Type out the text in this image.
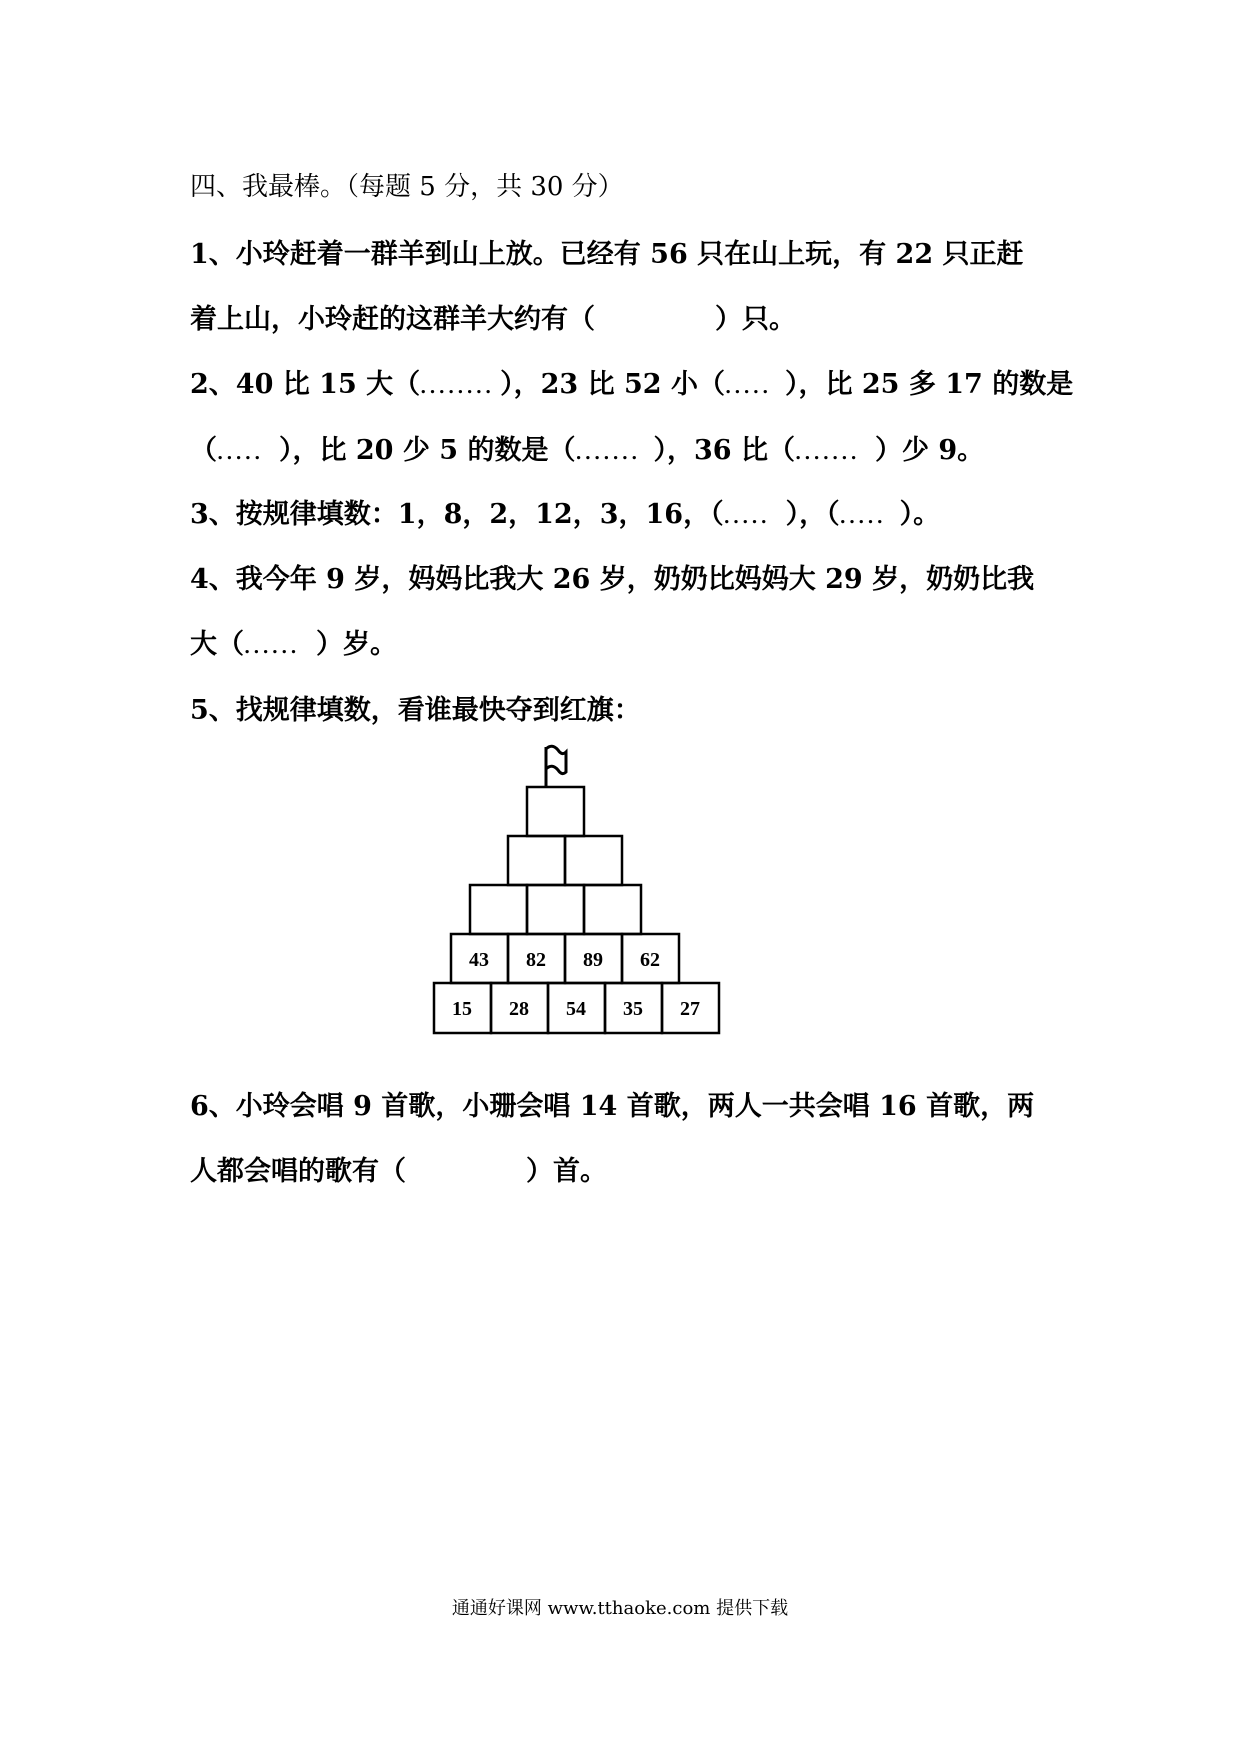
四、我最棒。（每题 5 分，共 30 分）
1、小玲赶着一群羊到山上放。已经有 56 只在山上玩，有 22 只正赶
着上山，小玲赶的这群羊大约有（	）只。
2、40 比 15 大（........ ），23 比 52 小（..... ），比 25 多 17 的数是
（..... ），比 20 少 5 的数是（....... ），36 比（....... ）少 9。
3、按规律填数：1，8，2，12，3，16，（..... ），（..... ）。
4、我今年 9 岁，妈妈比我大 26 岁，奶奶比妈妈大 29 岁，奶奶比我
大（...... ）岁。
5、找规律填数，看谁最快夺到红旗：
43 82 89 62
15 28 54 35 27
6、小玲会唱 9 首歌，小珊会唱 14 首歌，两人一共会唱 16 首歌，两
人都会唱的歌有（	）首。
通通好课网 www.tthaoke.com 提供下载
